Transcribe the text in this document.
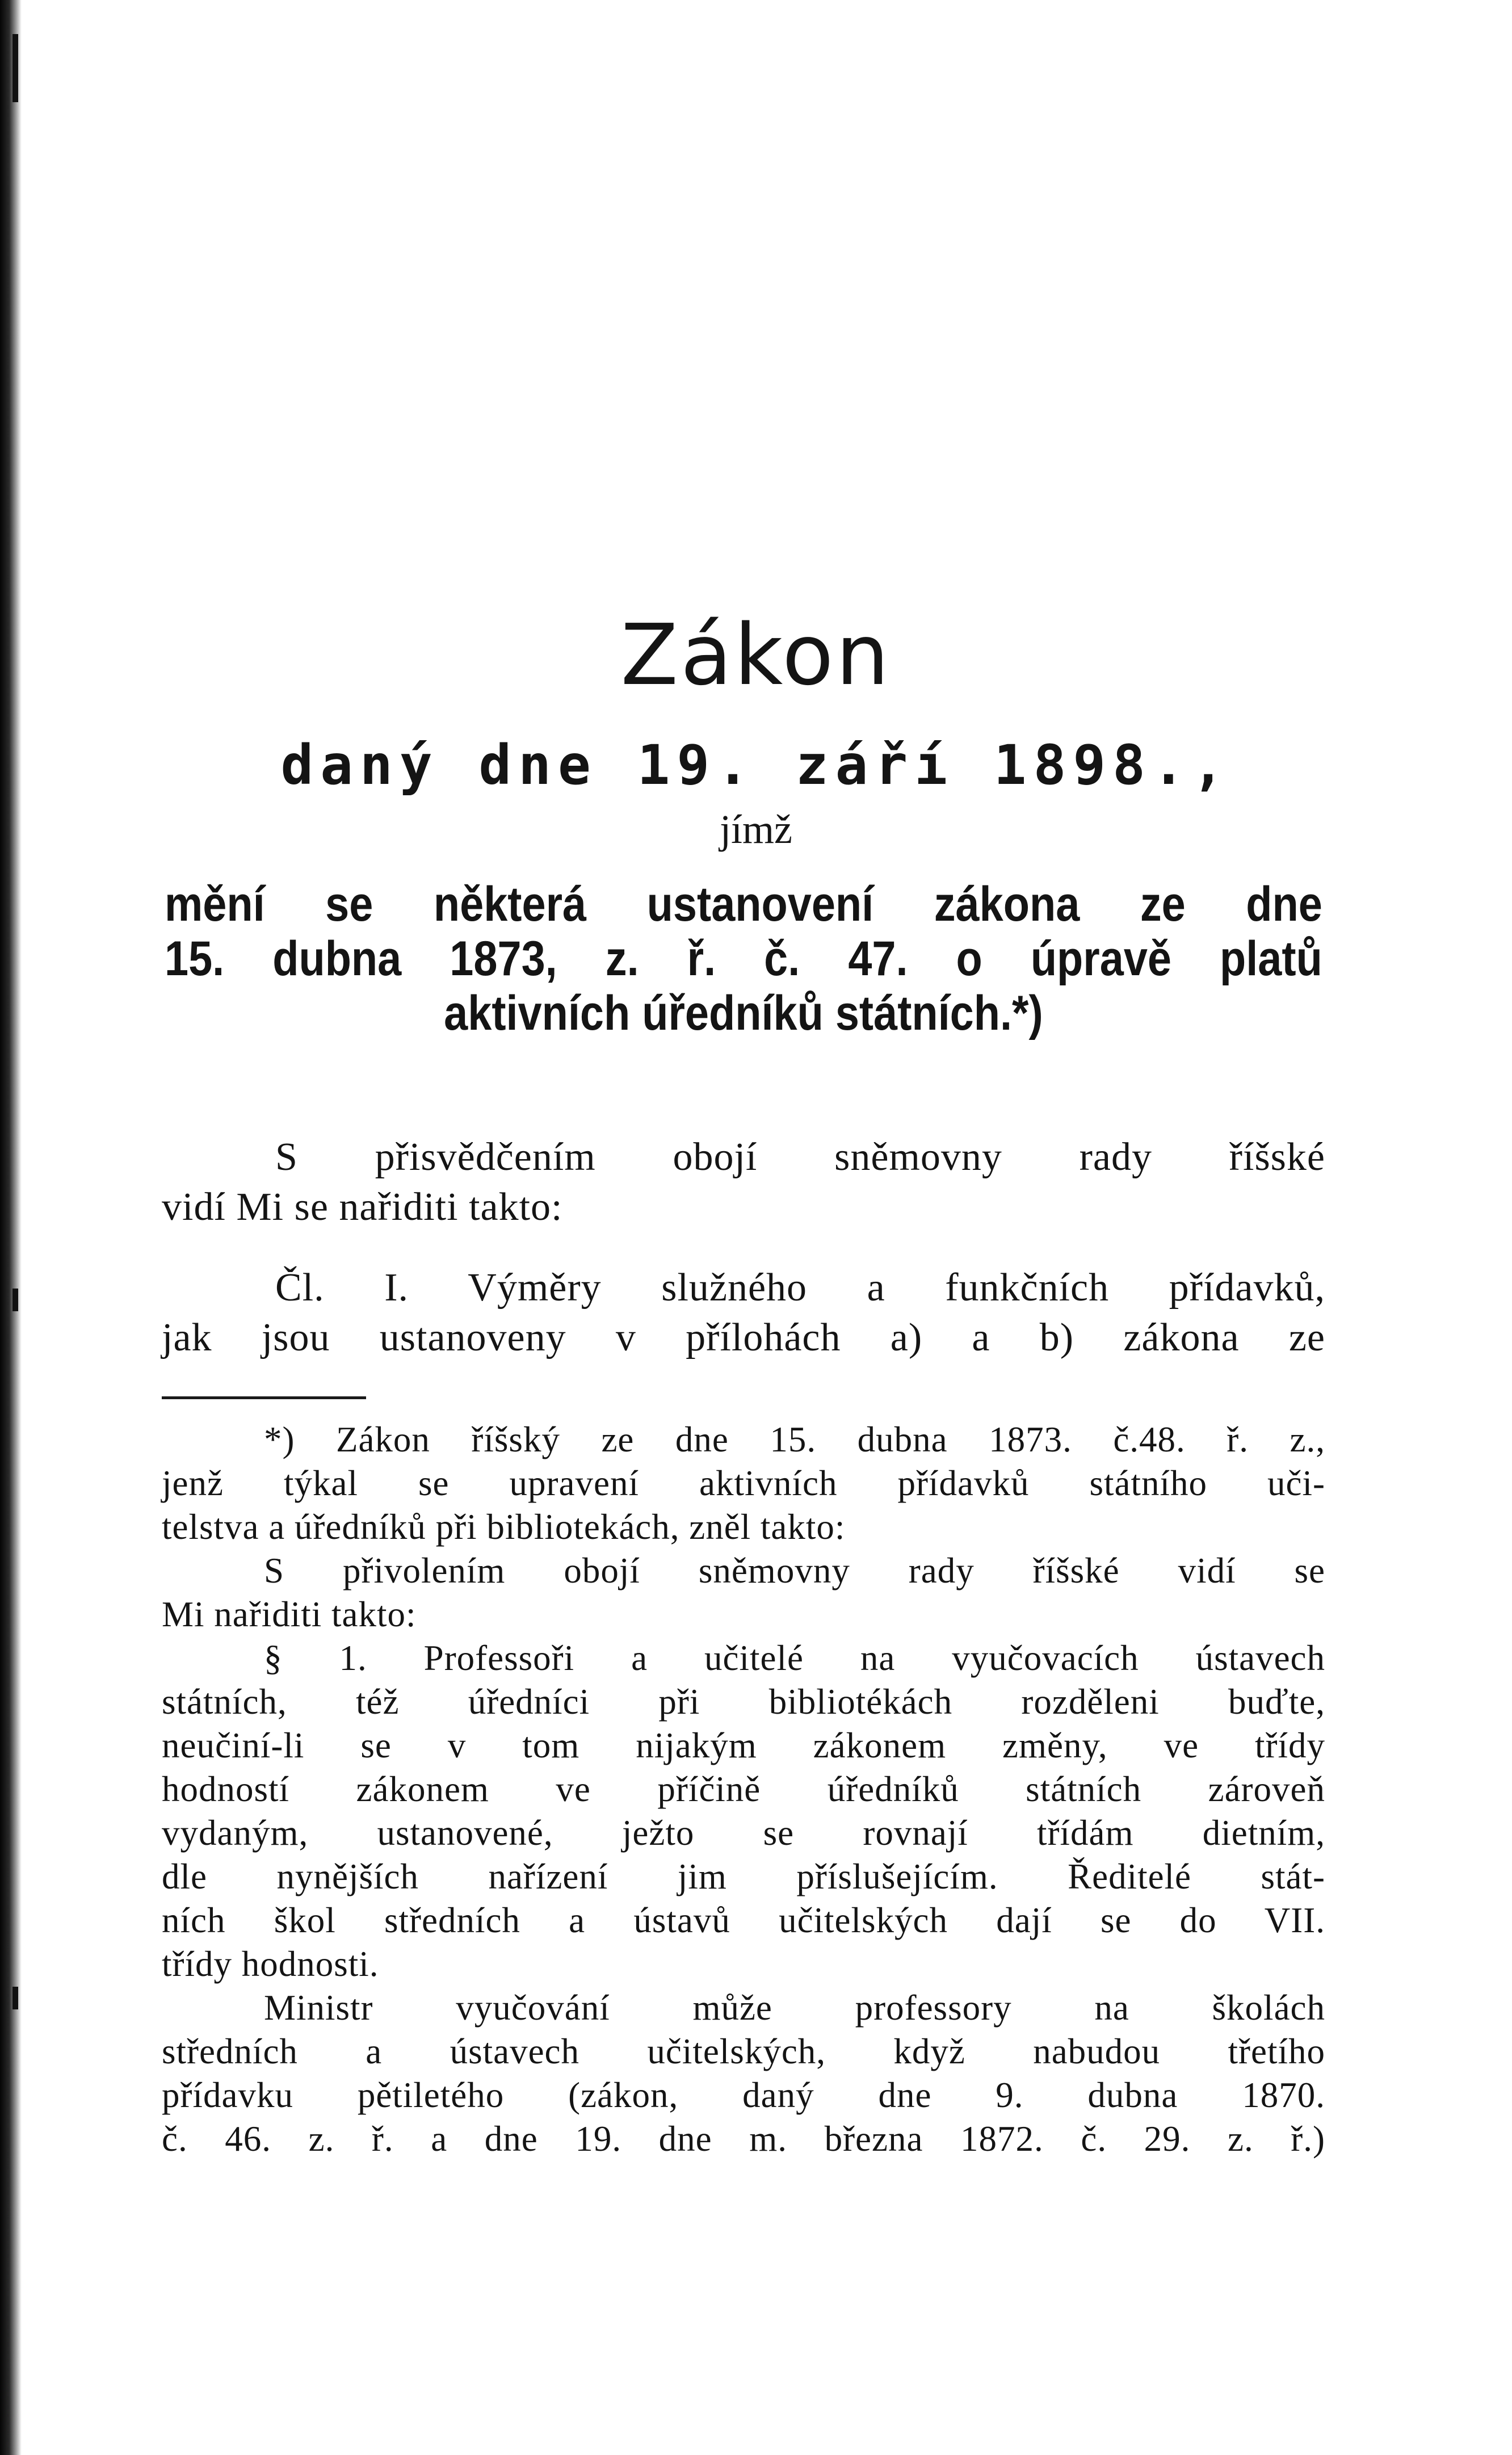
Zákon
daný dne 19. září 1898.,
jímž
mění se některá ustanovení zákona ze dne
15. dubna 1873, z. ř. č. 47. o úpravě platů
aktivních úředníků státních.*)
S přisvědčením obojí sněmovny rady říšské
vidí Mi se nařiditi takto:
Čl. I. Výměry služného a funkčních přídavků,
jak jsou ustanoveny v přílohách a) a b) zákona ze
*) Zákon říšský ze dne 15. dubna 1873. č.48. ř. z.,
jenž týkal se upravení aktivních přídavků státního uči-
telstva a úředníků při bibliotekách, zněl takto:
S přivolením obojí sněmovny rady říšské vidí se
Mi nařiditi takto:
§ 1. Professoři a učitelé na vyučovacích ústavech
státních, též úředníci při bibliotékách rozděleni buďte,
neučiní-li se v tom nijakým zákonem změny, ve třídy
hodností zákonem ve příčině úředníků státních zároveň
vydaným, ustanovené, ježto se rovnají třídám dietním,
dle nynějších nařízení jim příslušejícím. Ředitelé stát-
ních škol středních a ústavů učitelských dají se do VII.
třídy hodnosti.
Ministr vyučování může professory na školách
středních a ústavech učitelských, když nabudou třetího
přídavku pětiletého (zákon, daný dne 9. dubna 1870.
č. 46. z. ř. a dne 19. dne m. března 1872. č. 29. z. ř.)
